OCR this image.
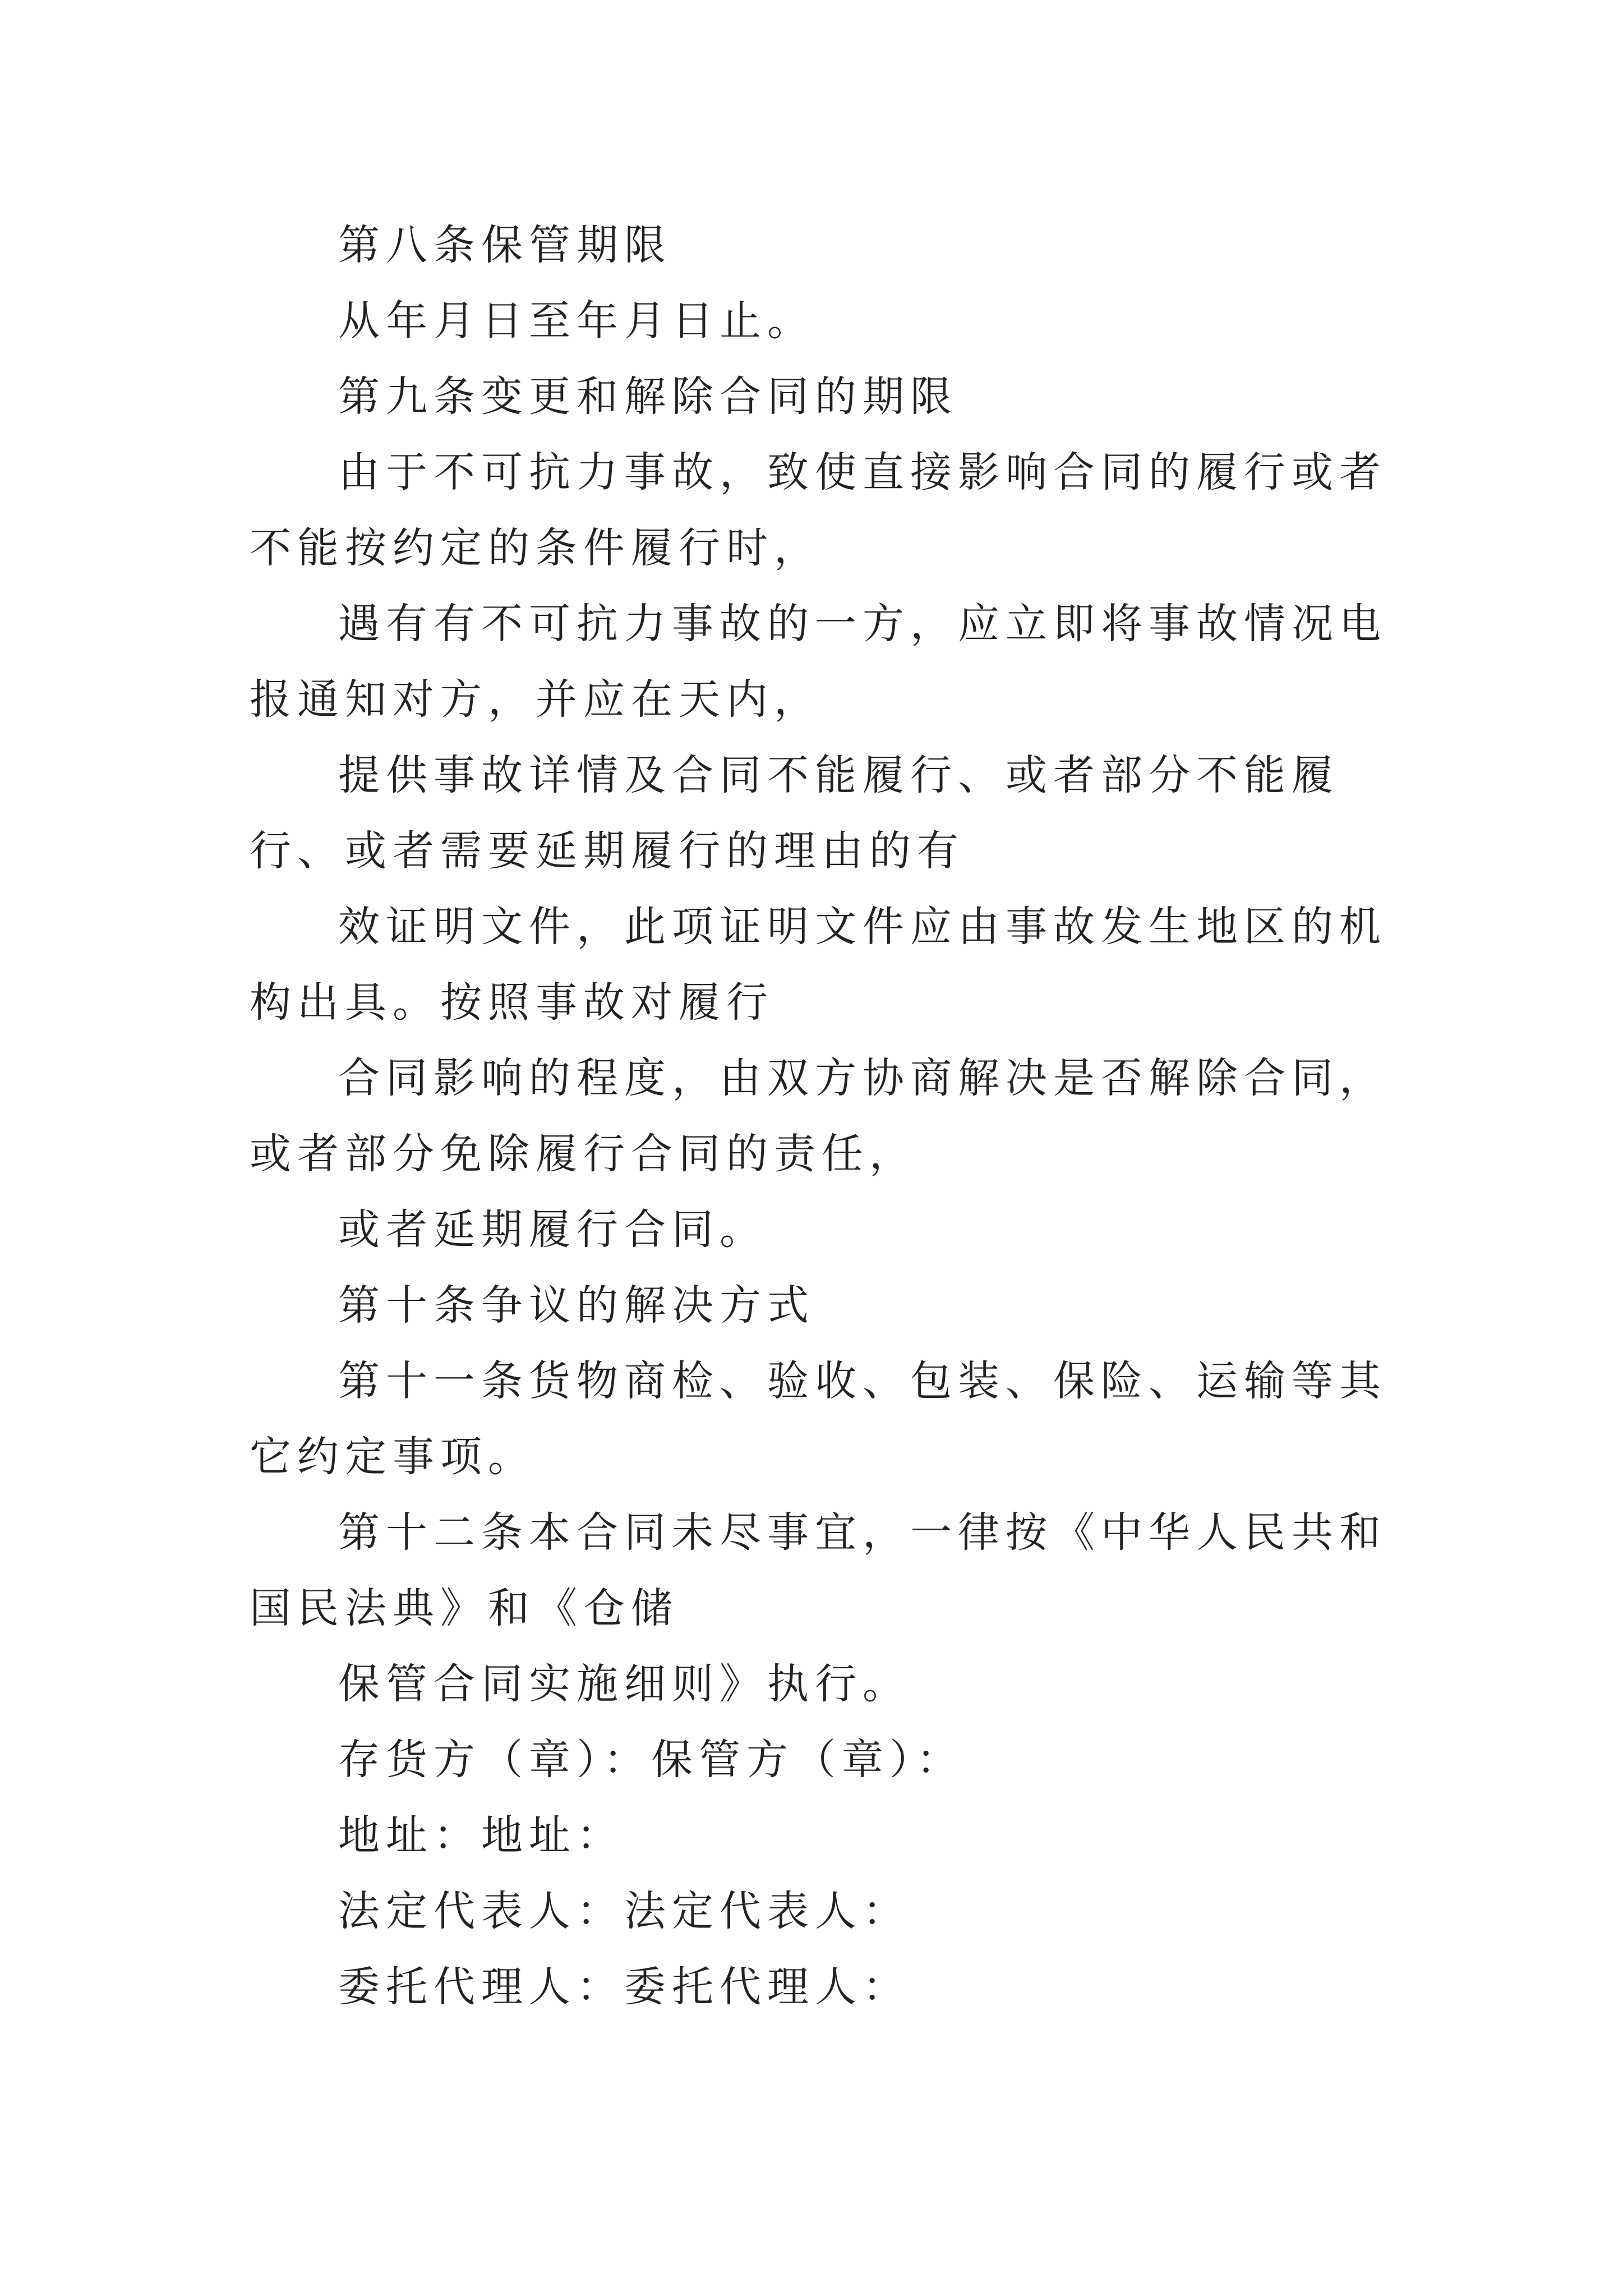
第八条保管期限

从年月日至年月日止。

第九条变更和解除合同的期限

由于不可抗力事故，致使直接影响合同的履行或者不能按约定的条件履行时，

遇有有不可抗力事故的一方，应立即将事故情况电报通知对方，并应在天内，

提供事故详情及合同不能履行、或者部分不能履行、或者需要延期履行的理由的有

效证明文件，此项证明文件应由事故发生地区的机构出具。按照事故对履行

合同影响的程度，由双方协商解决是否解除合同，或者部分免除履行合同的责任，

或者延期履行合同。

第十条争议的解决方式

第十一条货物商检、验收、包装、保险、运输等其它约定事项。

第十二条本合同未尽事宜，一律按《中华人民共和国民法典》和《仓储

保管合同实施细则》执行。

存货方（章）：保管方（章）：

地址：地址：

法定代表人：法定代表人：

委托代理人：委托代理人：
